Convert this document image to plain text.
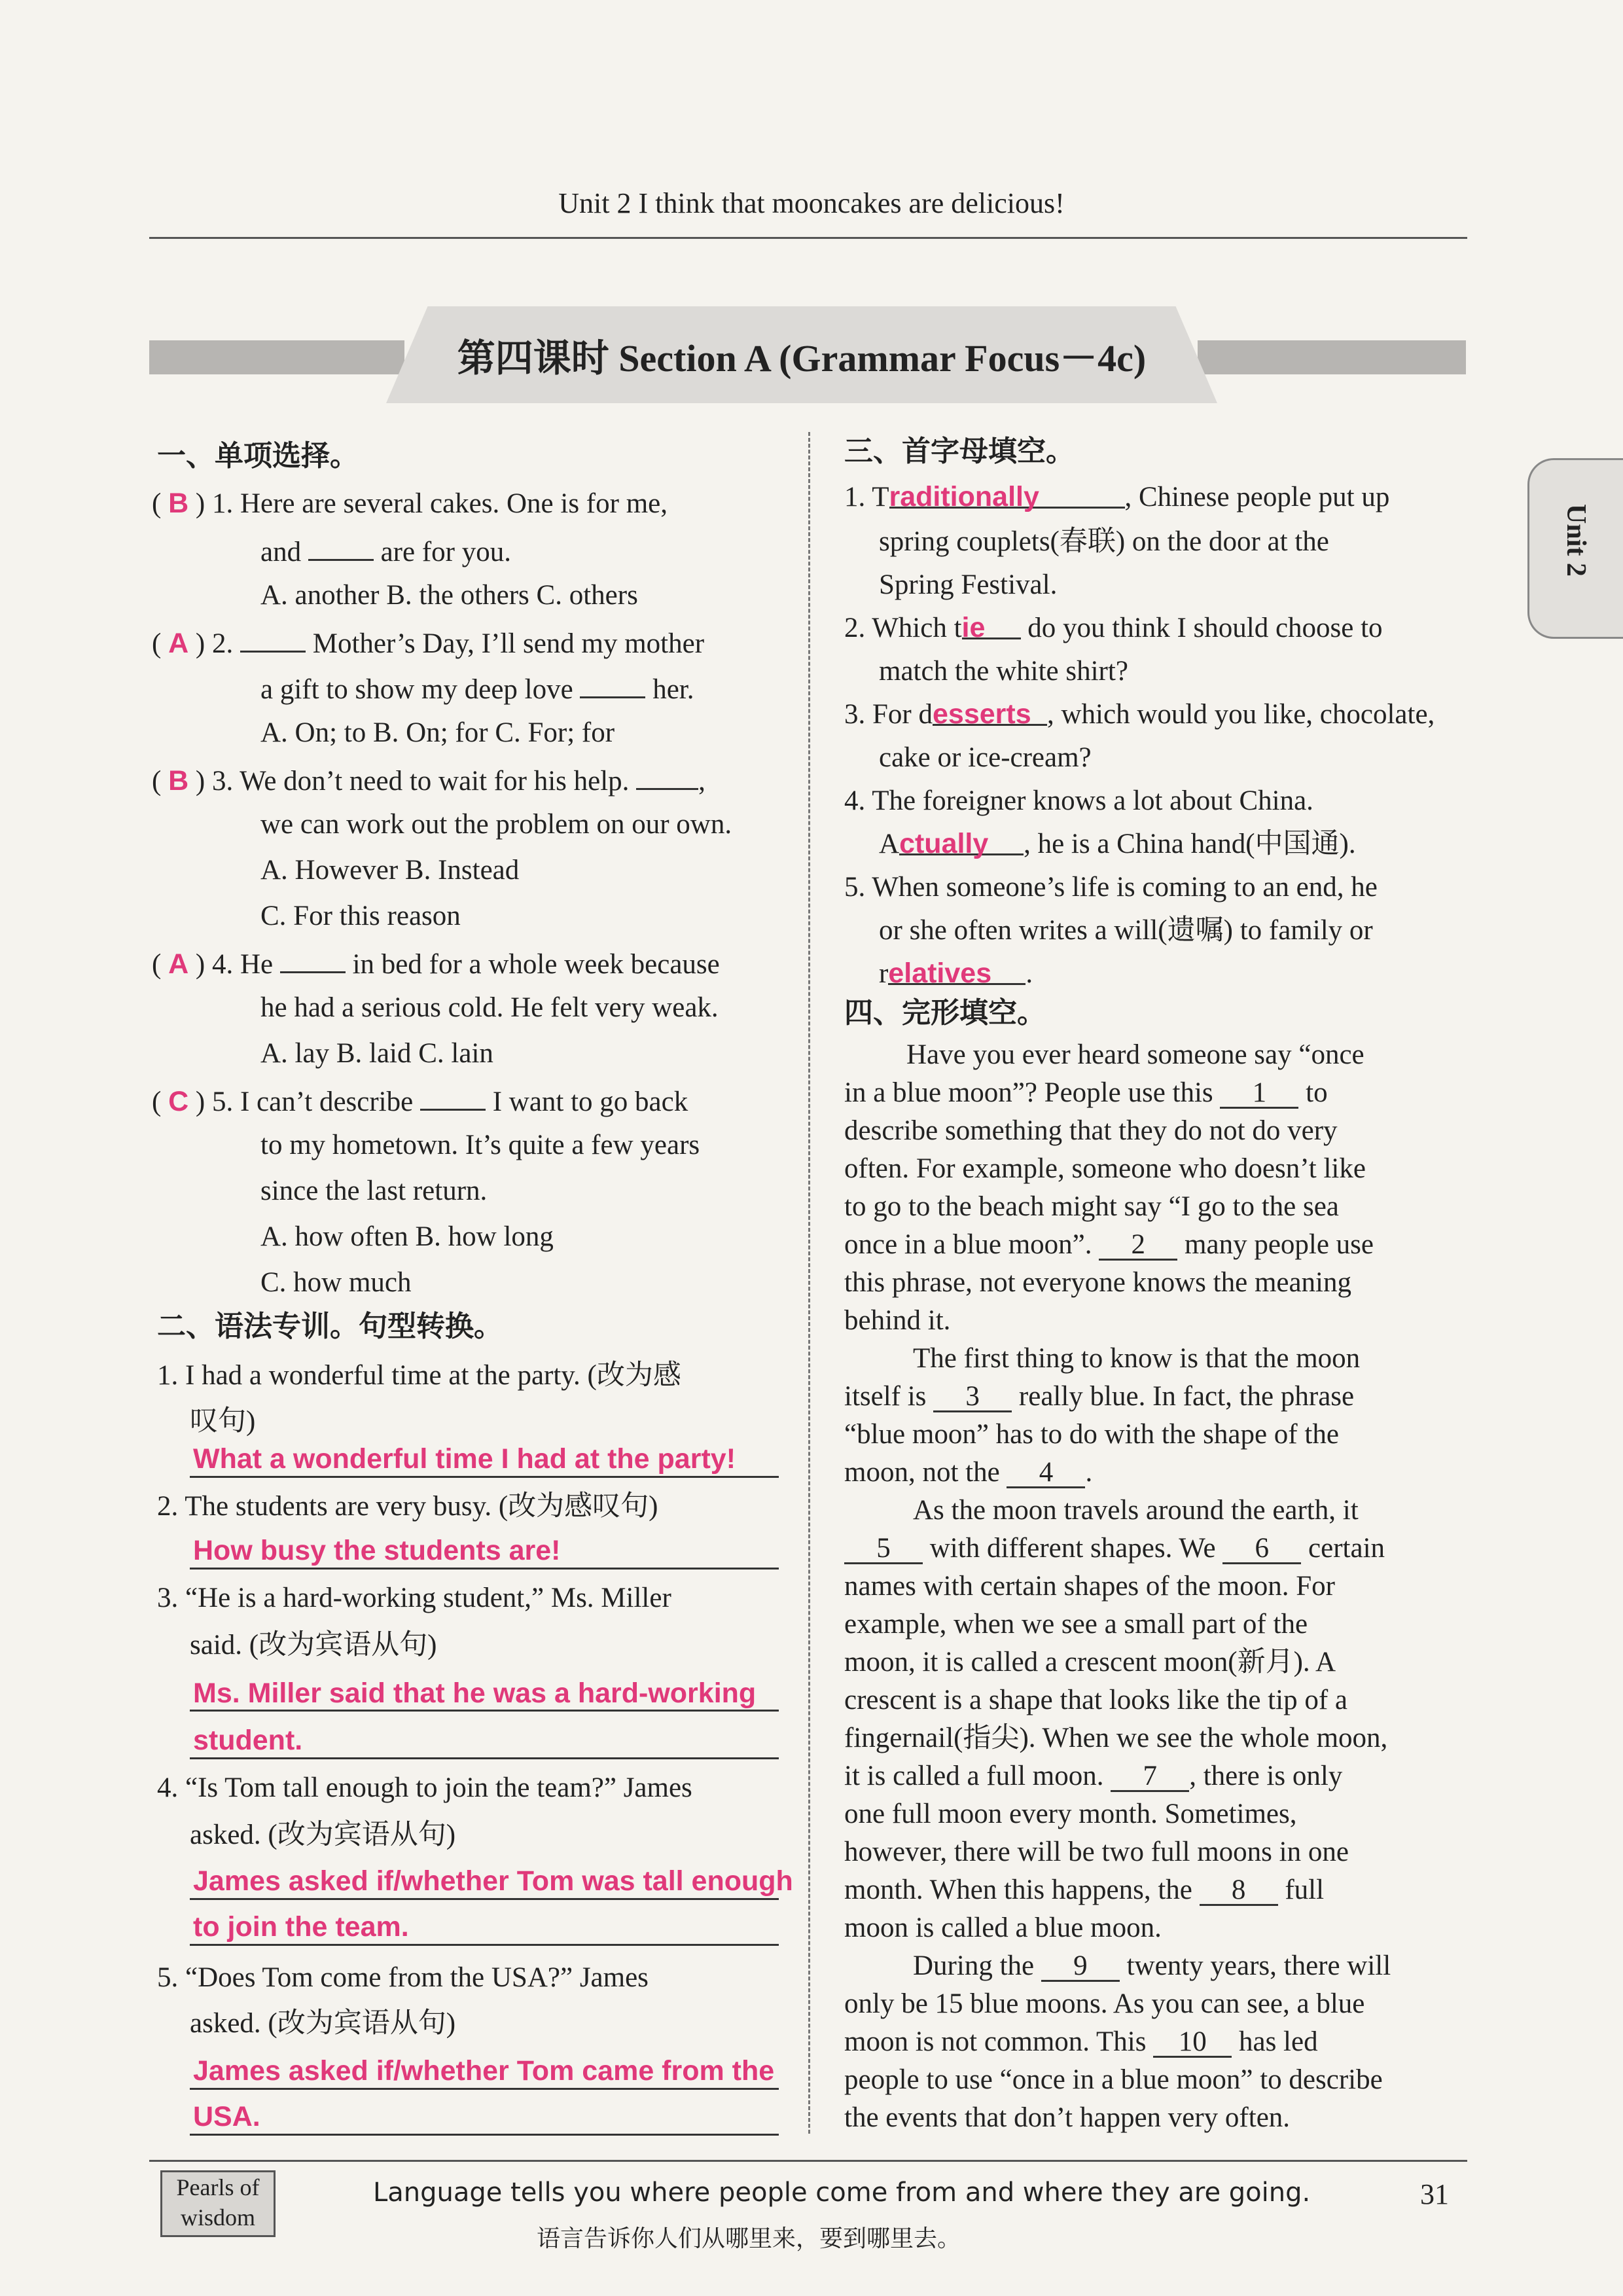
Unit 2 I think that mooncakes are delicious!
第四课时 Section A (Grammar Focus－4c)
Unit 2
一、单项选择。
( B ) 1. Here are several cakes. One is for me,
and	are for you.
A. another B. the others C. others
( A ) 2.	Mother’s Day, I’ll send my mother
a gift to show my deep love	her.
A. On; to B. On; for C. For; for
( B ) 3. We don’t need to wait for his help. ,
we can work out the problem on our own.
A. However B. Instead
C. For this reason
( A ) 4. He	in bed for a whole week because
he had a serious cold. He felt very weak.
A. lay B. laid C. lain
( C ) 5. I can’t describe	I want to go back
to my hometown. It’s quite a few years
since the last return.
A. how often B. how long
C. how much
二、语法专训。句型转换。
1. I had a wonderful time at the party. (改为感
叹句)
What a wonderful time I had at the party!
2. The students are very busy. (改为感叹句)
How busy the students are!
3. “He is a hard-working student,” Ms. Miller
said. (改为宾语从句)
Ms. Miller said that he was a hard-working
student.
4. “Is Tom tall enough to join the team?” James
asked. (改为宾语从句)
James asked if/whether Tom was tall enough
to join the team.
5. “Does Tom come from the USA?” James
asked. (改为宾语从句)
James asked if/whether Tom came from the
USA.
三、首字母填空。
1. Traditionally	, Chinese people put up
spring couplets(春联) on the door at the
Spring Festival.
2. Which tie do you think I should choose to
match the white shirt?
3. For desserts , which would you like, chocolate,
cake or ice-cream?
4. The foreigner knows a lot about China.
Actually , he is a China hand(中国通).
5. When someone’s life is coming to an end, he
or she often writes a will(遗嘱) to family or
relatives .
四、完形填空。
Have you ever heard someone say “once
in a blue moon”? People use this 1 to
describe something that they do not do very
often. For example, someone who doesn’t like
to go to the beach might say “I go to the sea
once in a blue moon”. 2 many people use
this phrase, not everyone knows the meaning
behind it.
The first thing to know is that the moon
itself is 3 really blue. In fact, the phrase
“blue moon” has to do with the shape of the
moon, not the 4 .
As the moon travels around the earth, it
5 with different shapes. We 6 certain
names with certain shapes of the moon. For
example, when we see a small part of the
moon, it is called a crescent moon(新月). A
crescent is a shape that looks like the tip of a
fingernail(指尖). When we see the whole moon,
it is called a full moon. 7 , there is only
one full moon every month. Sometimes,
however, there will be two full moons in one
month. When this happens, the 8 full
moon is called a blue moon.
During the 9 twenty years, there will
only be 15 blue moons. As you can see, a blue
moon is not common. This 10 has led
people to use “once in a blue moon” to describe
the events that don’t happen very often.
Pearls of
wisdom
Language tells you where people come from and where they are going.
语言告诉你人们从哪里来，要到哪里去。
31
